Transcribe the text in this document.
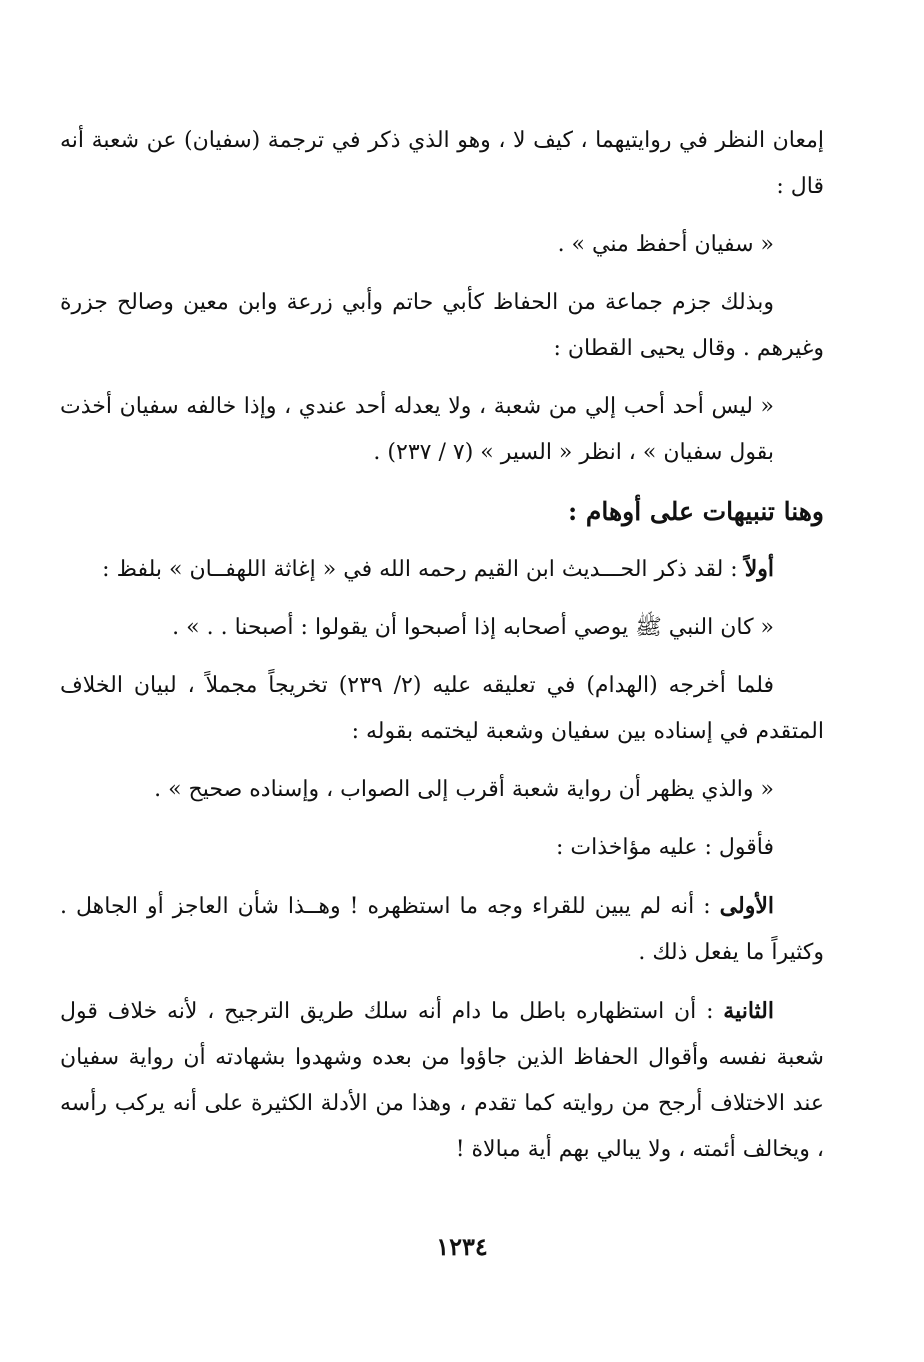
إمعان النظر في روايتيهما ، كيف لا ، وهو الذي ذكر في ترجمة (سفيان) عن شعبة أنه قال :

« سفيان أحفظ مني » .

وبذلك جزم جماعة من الحفاظ كأبي حاتم وأبي زرعة وابن معين وصالح جزرة وغيرهم . وقال يحيى القطان :

« ليس أحد أحب إلي من شعبة ، ولا يعدله أحد عندي ، وإذا خالفه سفيان أخذت بقول سفيان » ، انظر « السير » (٧ / ٢٣٧) .

وهنا تنبيهات على أوهام :

أولاً : لقد ذكر الحـــديث ابن القيم رحمه الله في « إغاثة اللهفــان » بلفظ :

« كان النبي ﷺ يوصي أصحابه إذا أصبحوا أن يقولوا : أصبحنا . . » .

فلما أخرجه (الهدام) في تعليقه عليه (٢/ ٢٣٩) تخريجاً مجملاً ، لبيان الخلاف المتقدم في إسناده بين سفيان وشعبة ليختمه بقوله :

« والذي يظهر أن رواية شعبة أقرب إلى الصواب ، وإسناده صحيح » .

فأقول : عليه مؤاخذات :

الأولى : أنه لم يبين للقراء وجه ما استظهره ! وهــذا شأن العاجز أو الجاهل . وكثيراً ما يفعل ذلك .

الثانية : أن استظهاره باطل ما دام أنه سلك طريق الترجيح ، لأنه خلاف قول شعبة نفسه وأقوال الحفاظ الذين جاؤوا من بعده وشهدوا بشهادته أن رواية سفيان عند الاختلاف أرجح من روايته كما تقدم ، وهذا من الأدلة الكثيرة على أنه يركب رأسه ، ويخالف أئمته ، ولا يبالي بهم أية مبالاة !

١٢٣٤
